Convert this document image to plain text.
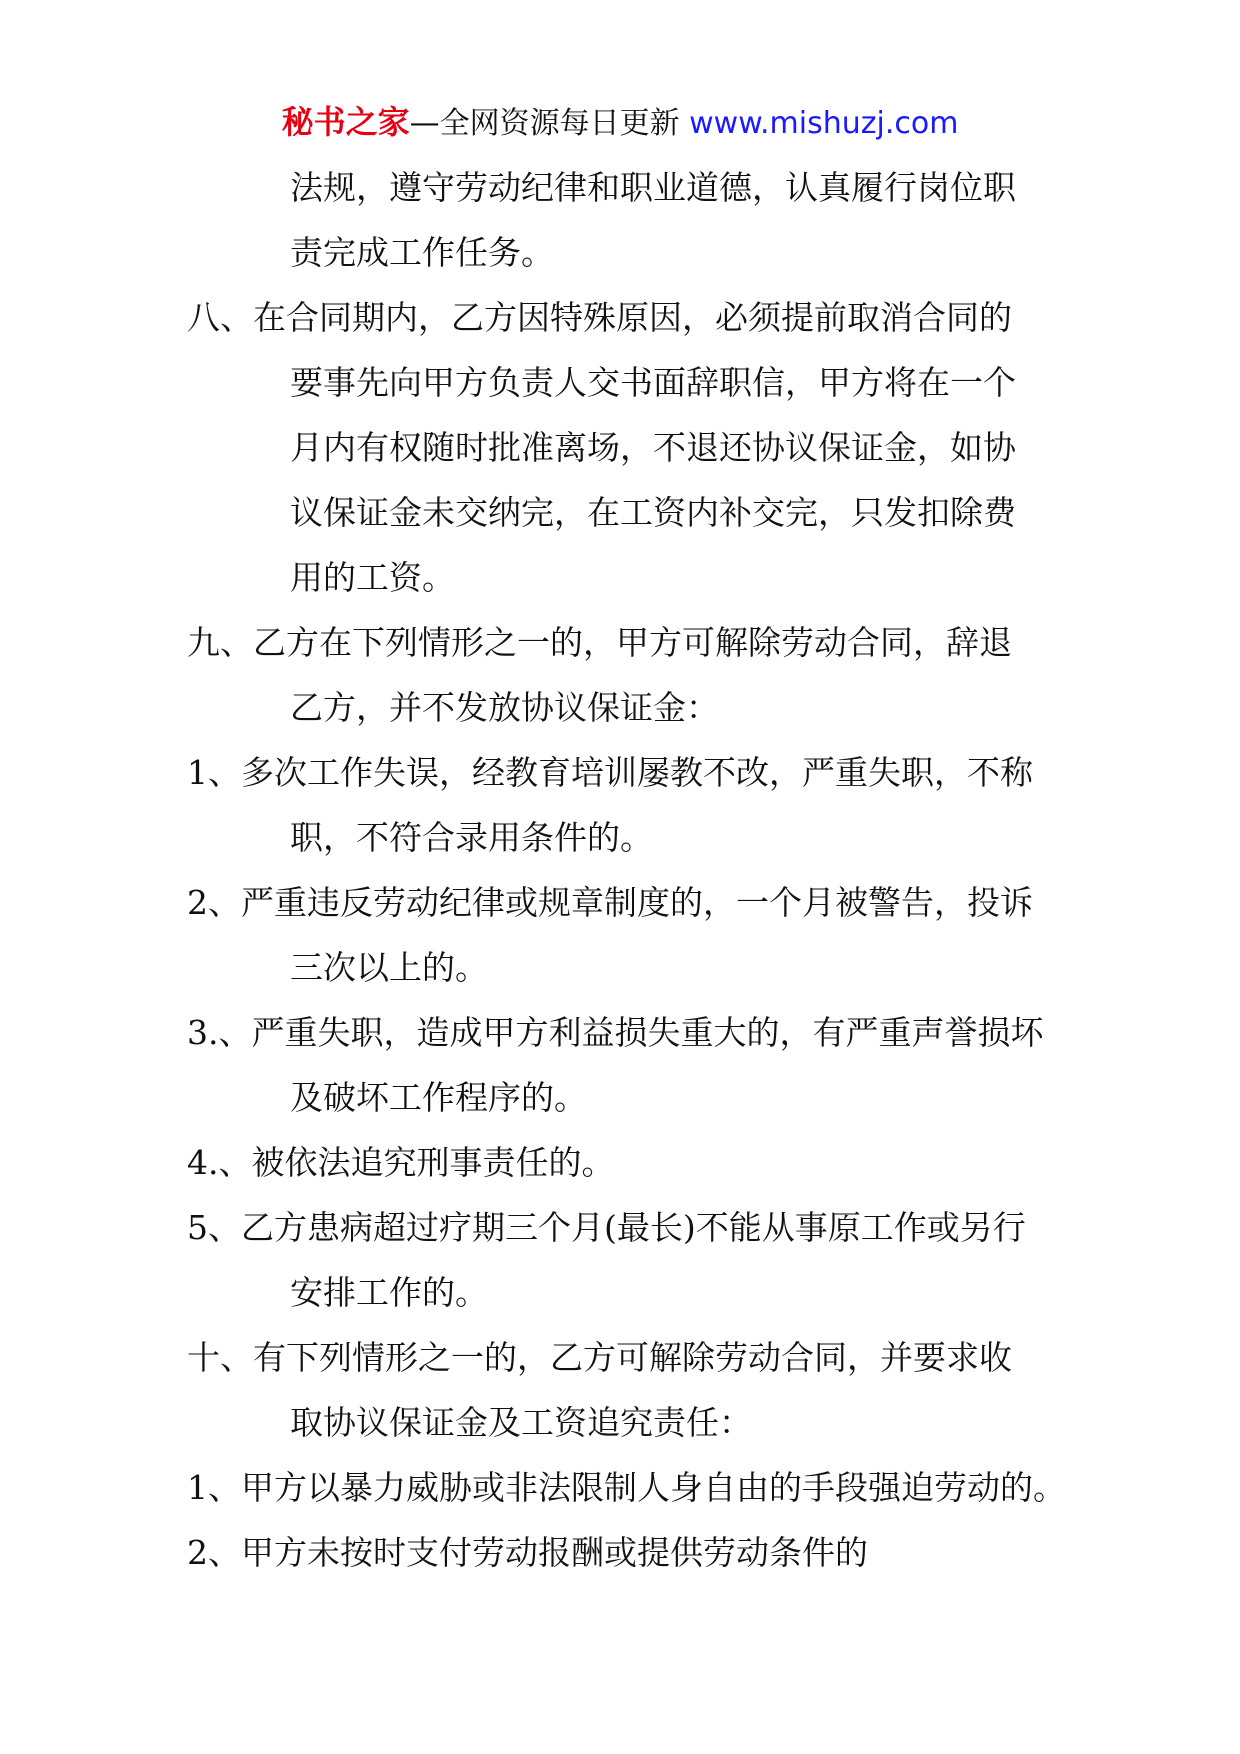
秘书之家—全网资源每日更新 www.mishuzj.com
法规，遵守劳动纪律和职业道德，认真履行岗位职
责完成工作任务。
八、在合同期内，乙方因特殊原因，必须提前取消合同的
要事先向甲方负责人交书面辞职信，甲方将在一个
月内有权随时批准离场，不退还协议保证金，如协
议保证金未交纳完，在工资内补交完，只发扣除费
用的工资。
九、乙方在下列情形之一的，甲方可解除劳动合同，辞退
乙方，并不发放协议保证金：
1、多次工作失误，经教育培训屡教不改，严重失职，不称
职，不符合录用条件的。
2、严重违反劳动纪律或规章制度的，一个月被警告，投诉
三次以上的。
3.、严重失职，造成甲方利益损失重大的，有严重声誉损坏
及破坏工作程序的。
4.、被依法追究刑事责任的。
5、乙方患病超过疗期三个月(最长)不能从事原工作或另行
安排工作的。
十、有下列情形之一的，乙方可解除劳动合同，并要求收
取协议保证金及工资追究责任：
1、甲方以暴力威胁或非法限制人身自由的手段强迫劳动的。
2、甲方未按时支付劳动报酬或提供劳动条件的
